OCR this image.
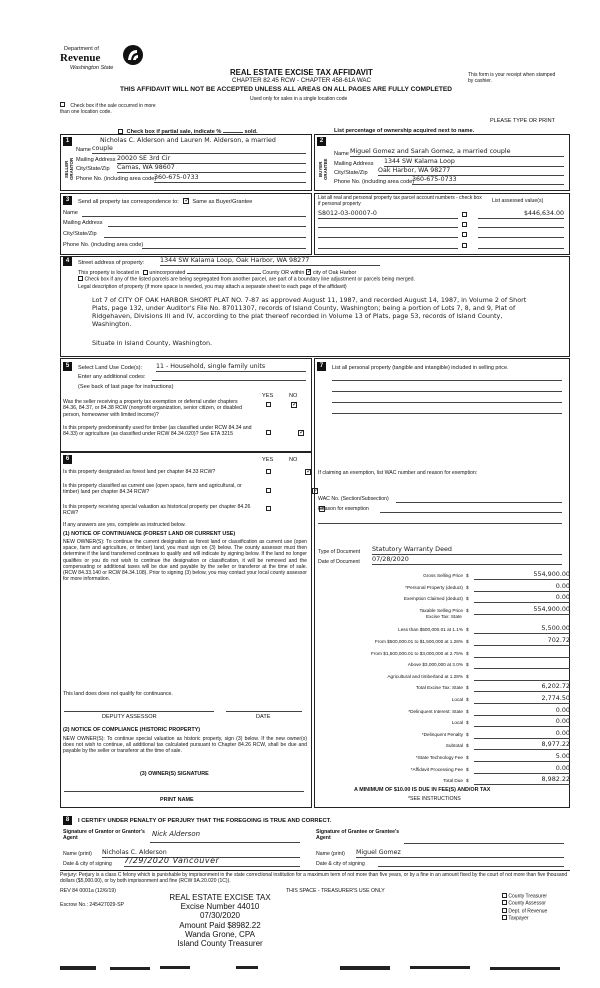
Department of
Revenue
Washington State	REAL ESTATE EXCISE TAX AFFIDAVIT
CHAPTER 82.45 RCW - CHAPTER 458-61A WAC
THIS AFFIDAVIT WILL NOT BE ACCEPTED UNLESS ALL AREAS ON ALL PAGES ARE FULLY COMPLETED
This form is your receipt when stamped by cashier.
Used only for sales in a single location code
Check box if the sale occurred in more than one location code.
PLEASE TYPE OR PRINT
Check box if partial sale, indicate %	sold.	List percentage of ownership acquired next to name.
1
SELLER GRANTOR
Nicholas C. Alderson and Lauren M. Alderson, a married
Name couple
Mailing Address 20020 SE 3rd Cir
City/State/Zip Camas, WA 98607
Phone No. (including area code)
360-675-0733
2
BUYER GRANTEE
Name Miguel Gomez and Sarah Gomez, a married couple
Mailing Address 1344 SW Kalama Loop
City/State/Zip Oak Harbor, WA 98277
Phone No. (including area code)
360-675-0733
3	Send all property tax correspondence to: ✓ Same as Buyer/Grantee
Name
Mailing Address
City/State/Zip
Phone No. (including area code)
List all real and personal property tax parcel account numbers - check box if personal property
List assessed value(s)
S8012-03-00007-0	$446,634.00
4	Street address of property: 1344 SW Kalama Loop, Oak Harbor, WA 98277
This property is located in unincorporated	County OR within ✓ city of Oak Harbor
Check box if any of the listed parcels are being segregated from another parcel, are part of a boundary line adjustment or parcels being merged.
Legal description of property (if more space is needed, you may attach a separate sheet to each page of the affidavit)
Lot 7 of CITY OF OAK HARBOR SHORT PLAT NO. 7-87 as approved August 11, 1987, and recorded August 14, 1987, in Volume 2 of Short Plats, page 132, under Auditor's File No. 87011307, records of Island County, Washington; being a portion of Lots 7, 8, and 9, Plat of Ridgehaven, Divisions III and IV, according to the plat thereof recorded in Volume 13 of Plats, page 53, records of Island County, Washington.
Situate in Island County, Washington.
5	Select Land Use Code(s): 11 - Household, single family units
Enter any additional codes:
(See back of last page for instructions)
YES	NO
Was the seller receiving a property tax exemption or deferral under chapters 84.36, 84.37, or 84.38 RCW (nonprofit organization, senior citizen, or disabled person, homeowner with limited income)?
✓
Is this property predominantly used for timber (as classified under RCW 84.34 and 84.33) or agriculture (as classified under RCW 84.34.020)? See ETA 3215
✓
6	YES	NO
Is this property designated as forest land per chapter 84.33 RCW?
✓
Is this property classified as current use (open space, farm and agricultural, or timber) land per chapter 84.34 RCW?
✓
Is this property receiving special valuation as historical property per chapter 84.26 RCW?
✓
If any answers are yes, complete as instructed below.
(1) NOTICE OF CONTINUANCE (FOREST LAND OR CURRENT USE)
NEW OWNER(S): To continue the current designation as forest land or classification as current use (open space, farm and agriculture, or timber) land, you must sign on (3) below. The county assessor must then determine if the land transferred continues to qualify and will indicate by signing below. If the land no longer qualifies or you do not wish to continue the designation or classification, it will be removed and the compensating or additional taxes will be due and payable by the seller or transferor at the time of sale. (RCW 84.33.140 or RCW 84.34.108). Prior to signing (3) below, you may contact your local county assessor for more information.
This land does does not qualify for continuance.
DEPUTY ASSESSOR	DATE
(2) NOTICE OF COMPLIANCE (HISTORIC PROPERTY)
NEW OWNER(S): To continue special valuation as historic property, sign (3) below. If the new owner(s) does not wish to continue, all additional tax calculated pursuant to Chapter 84.26 RCW, shall be due and payable by the seller or transferor at the time of sale.
(3) OWNER(S) SIGNATURE
PRINT NAME
7	List all personal property (tangible and intangible) included in selling price.
If claiming an exemption, list WAC number and reason for exemption:
WAC No. (Section/Subsection)
Reason for exemption
Type of Document Statutory Warranty Deed
Date of Document 07/28/2020
Gross Selling Price $	554,900.00
*Personal Property (deduct) $	0.00
Exemption Claimed (deduct) $	0.00
Taxable Selling Price $	554,900.00
Less than $500,000.01 at 1.1% $	5,500.00
From $500,000.01 to $1,500,000 at 1.28% $	702.72
From $1,500,000.01 to $3,000,000 at 2.75% $
Above $3,000,000 at 3.0% $
Agricultural and timberland at 1.28% $
Total Excise Tax: State $	6,202.72
Local $	2,774.50
*Delinquent Interest: State $	0.00
Local $	0.00
*Delinquent Penalty $	0.00
Subtotal $	8,977.22
*State Technology Fee $	5.00
*Affidavit Processing Fee $	0.00
Total Due $	8,982.22
Excise Tax: State
A MINIMUM OF $10.00 IS DUE IN FEE(S) AND/OR TAX
*SEE INSTRUCTIONS
8	I CERTIFY UNDER PENALTY OF PERJURY THAT THE FOREGOING IS TRUE AND CORRECT.
Signature of Grantor or Grantor's Agent
Nick Alderson
Name (print) Nicholas C. Alderson
Date & city of signing 7/29/2020 Vancouver
Signature of Grantee or Grantee's Agent
Name (print) Miguel Gomez
Date & city of signing
Perjury: Perjury is a class C felony which is punishable by imprisonment in the state correctional institution for a maximum term of not more than five years, or by a fine in an amount fixed by the court of not more than five thousand dollars ($5,000.00), or by both imprisonment and fine (RCW 9A.20.020 (1C)).
REV 84 0001a (12/6/19)
Escrow No.: 245427029-SP
THIS SPACE - TREASURER'S USE ONLY
REAL ESTATE EXCISE TAX
Excise Number 44010
07/30/2020
Amount Paid $8982.22
Wanda Grone, CPA
Island County Treasurer
County Treasurer
County Assessor
Dept. of Revenue
Taxpayer
